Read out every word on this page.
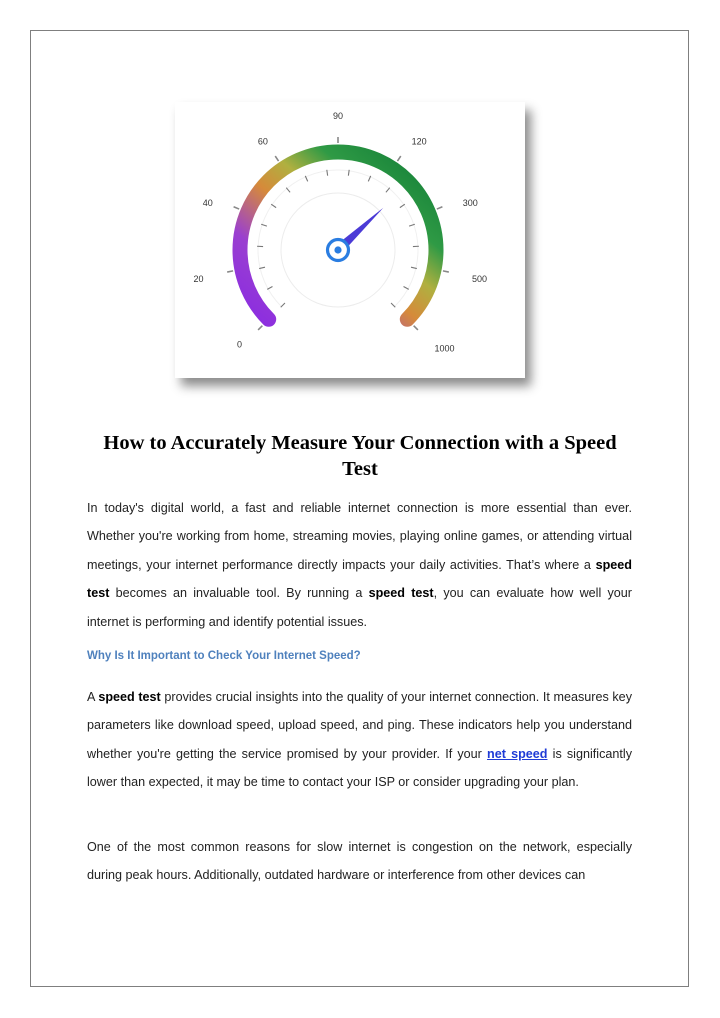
0
20
40
60
90
120
300
500
1000
How to Accurately Measure Your Connection with a Speed Test

In today's digital world, a fast and reliable internet connection is more essential than ever. Whether you're working from home, streaming movies, playing online games, or attending virtual meetings, your internet performance directly impacts your daily activities. That’s where a speed test becomes an invaluable tool. By running a speed test, you can evaluate how well your internet is performing and identify potential issues.

Why Is It Important to Check Your Internet Speed?

A speed test provides crucial insights into the quality of your internet connection. It measures key parameters like download speed, upload speed, and ping. These indicators help you understand whether you're getting the service promised by your provider. If your net speed is significantly lower than expected, it may be time to contact your ISP or consider upgrading your plan.

One of the most common reasons for slow internet is congestion on the network, especially during peak hours. Additionally, outdated hardware or interference from other devices can
